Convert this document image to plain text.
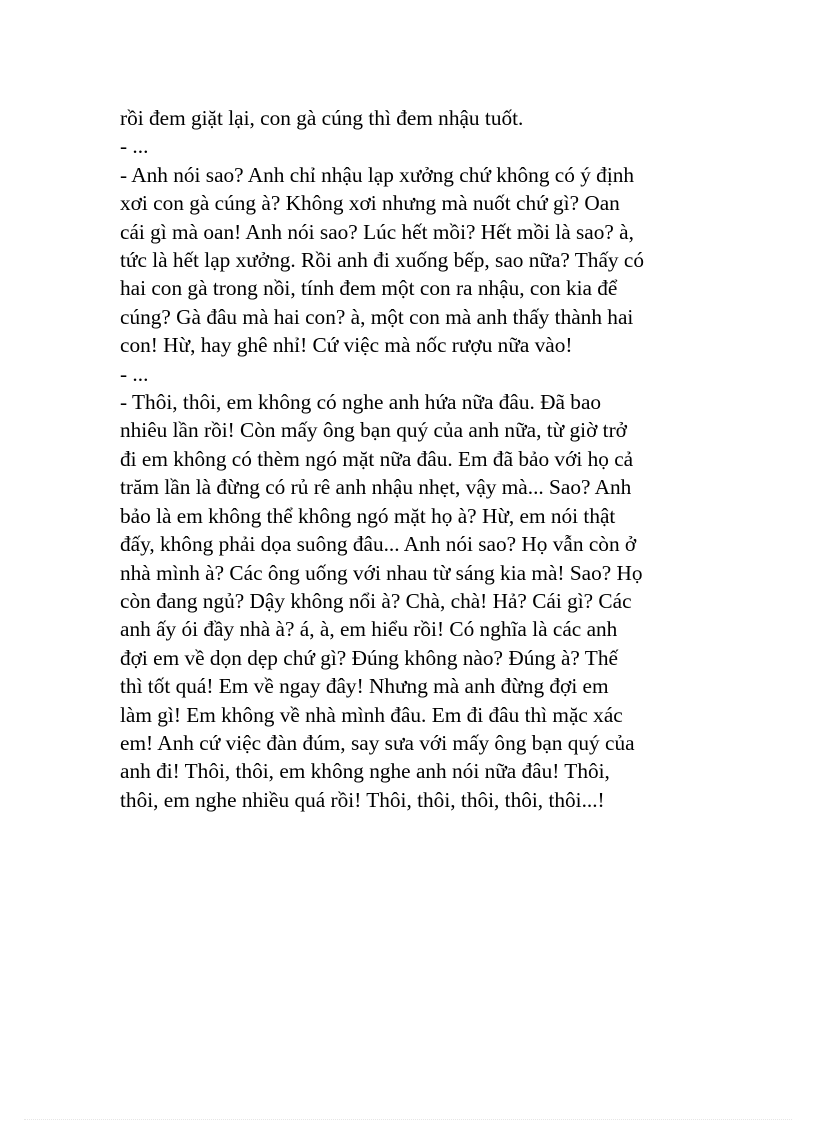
rồi đem giặt lại, con gà cúng thì đem nhậu tuốt.

- ...

- Anh nói sao? Anh chỉ nhậu lạp xưởng chứ không có ý định

xơi con gà cúng à? Không xơi nhưng mà nuốt chứ gì? Oan

cái gì mà oan! Anh nói sao? Lúc hết mồi? Hết mồi là sao? à,

tức là hết lạp xưởng. Rồi anh đi xuống bếp, sao nữa? Thấy có

hai con gà trong nồi, tính đem một con ra nhậu, con kia để

cúng? Gà đâu mà hai con? à, một con mà anh thấy thành hai

con! Hừ, hay ghê nhỉ! Cứ việc mà nốc rượu nữa vào!

- ...

- Thôi, thôi, em không có nghe anh hứa nữa đâu. Đã bao

nhiêu lần rồi! Còn mấy ông bạn quý của anh nữa, từ giờ trở

đi em không có thèm ngó mặt nữa đâu. Em đã bảo với họ cả

trăm lần là đừng có rủ rê anh nhậu nhẹt, vậy mà... Sao? Anh

bảo là em không thể không ngó mặt họ à? Hừ, em nói thật

đấy, không phải dọa suông đâu... Anh nói sao? Họ vẫn còn ở

nhà mình à? Các ông uống với nhau từ sáng kia mà! Sao? Họ

còn đang ngủ? Dậy không nổi à? Chà, chà! Hả? Cái gì? Các

anh ấy ói đầy nhà à? á, à, em hiểu rồi! Có nghĩa là các anh

đợi em về dọn dẹp chứ gì? Đúng không nào? Đúng à? Thế

thì tốt quá! Em về ngay đây! Nhưng mà anh đừng đợi em

làm gì! Em không về nhà mình đâu. Em đi đâu thì mặc xác

em! Anh cứ việc đàn đúm, say sưa với mấy ông bạn quý của

anh đi! Thôi, thôi, em không nghe anh nói nữa đâu! Thôi,

thôi, em nghe nhiều quá rồi! Thôi, thôi, thôi, thôi, thôi...!
